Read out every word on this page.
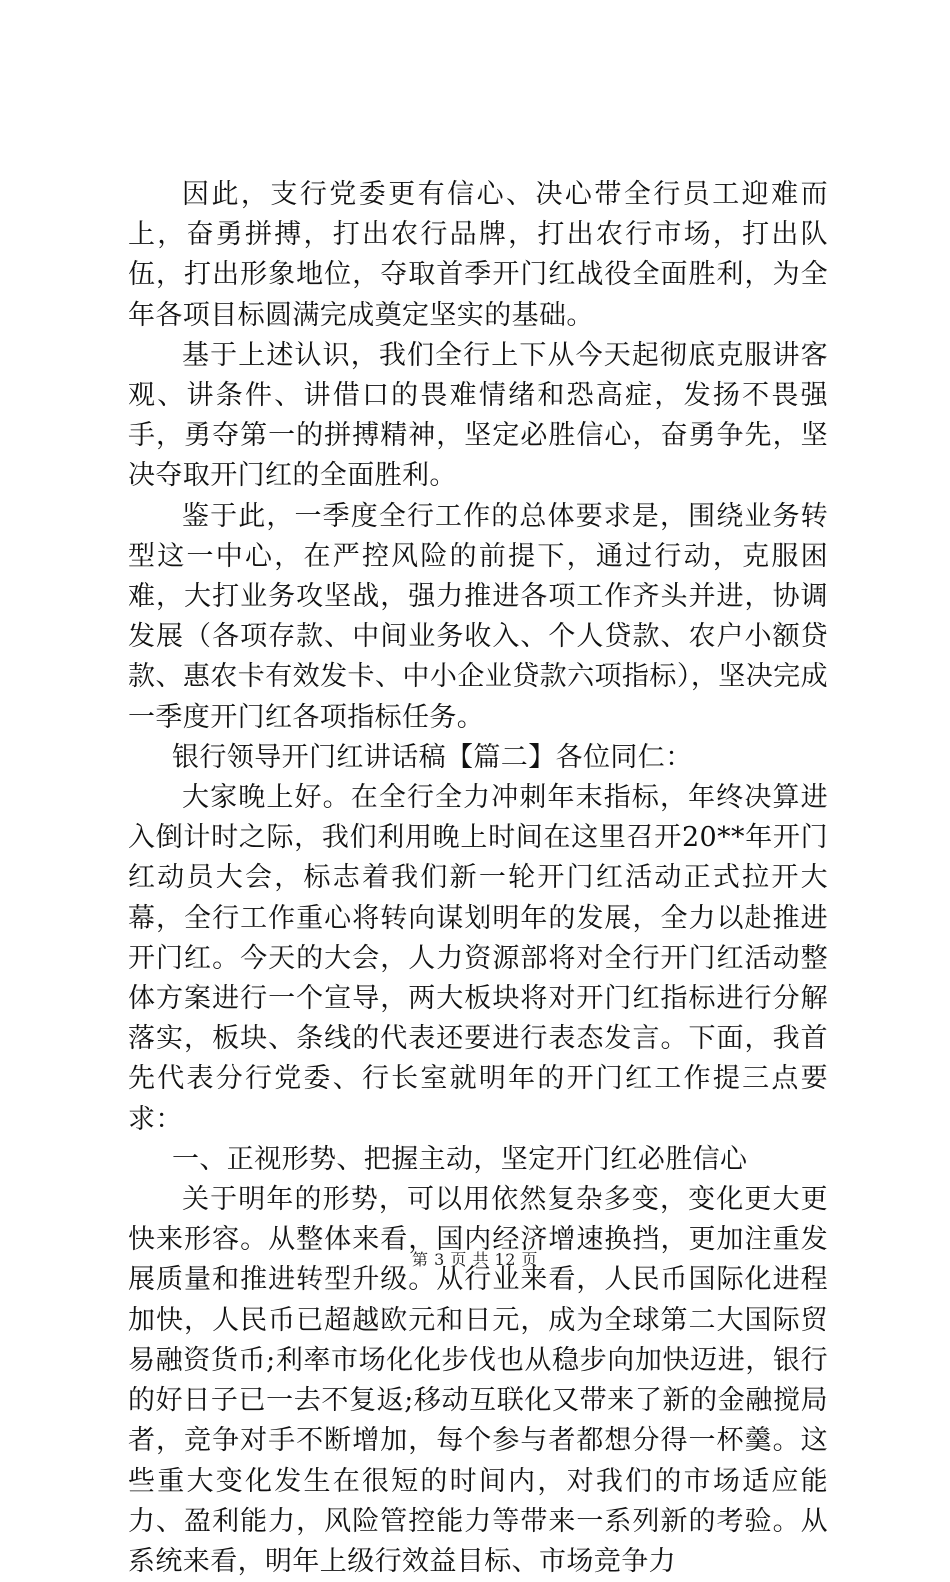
因此，支行党委更有信心、决心带全行员工迎难而上，奋勇拼搏，打出农行品牌，打出农行市场，打出队伍，打出形象地位，夺取首季开门红战役全面胜利，为全年各项目标圆满完成奠定坚实的基础。

基于上述认识，我们全行上下从今天起彻底克服讲客观、讲条件、讲借口的畏难情绪和恐高症，发扬不畏强手，勇夺第一的拼搏精神，坚定必胜信心，奋勇争先，坚决夺取开门红的全面胜利。

鉴于此，一季度全行工作的总体要求是，围绕业务转型这一中心，在严控风险的前提下，通过行动，克服困难，大打业务攻坚战，强力推进各项工作齐头并进，协调发展（各项存款、中间业务收入、个人贷款、农户小额贷款、惠农卡有效发卡、中小企业贷款六项指标），坚决完成一季度开门红各项指标任务。

银行领导开门红讲话稿【篇二】各位同仁：

大家晚上好。在全行全力冲刺年末指标，年终决算进入倒计时之际，我们利用晚上时间在这里召开20**年开门红动员大会，标志着我们新一轮开门红活动正式拉开大幕，全行工作重心将转向谋划明年的发展，全力以赴推进开门红。今天的大会，人力资源部将对全行开门红活动整体方案进行一个宣导，两大板块将对开门红指标进行分解落实，板块、条线的代表还要进行表态发言。下面，我首先代表分行党委、行长室就明年的开门红工作提三点要求：

一、正视形势、把握主动，坚定开门红必胜信心

关于明年的形势，可以用依然复杂多变，变化更大更快来形容。从整体来看，国内经济增速换挡，更加注重发展质量和推进转型升级。从行业来看，人民币国际化进程加快，人民币已超越欧元和日元，成为全球第二大国际贸易融资货币;利率市场化化步伐也从稳步向加快迈进，银行的好日子已一去不复返;移动互联化又带来了新的金融搅局者，竞争对手不断增加，每个参与者都想分得一杯羹。这些重大变化发生在很短的时间内，对我们的市场适应能力、盈利能力，风险管控能力等带来一系列新的考验。从系统来看，明年上级行效益目标、市场竞争力

第 3 页 共 12 页
